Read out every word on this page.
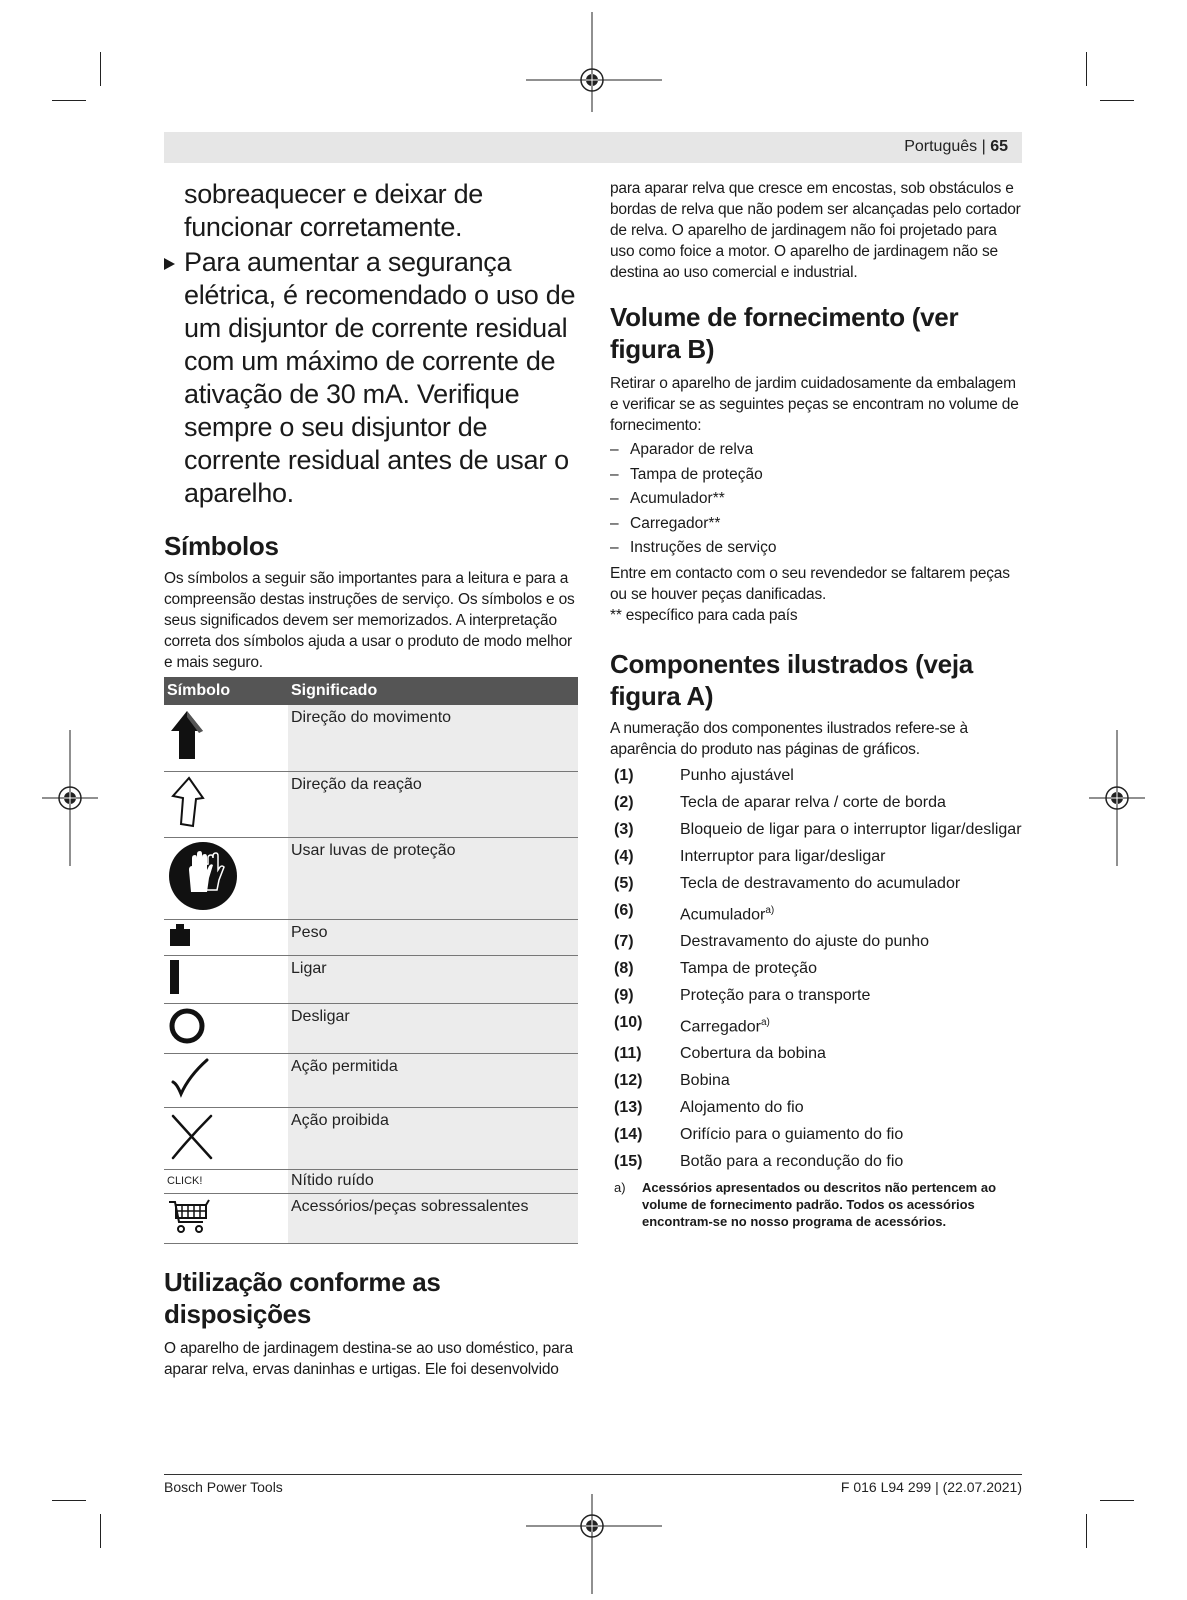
Português | 65

sobreaquecer e deixar de funcionar corretamente.

Para aumentar a segurança elétrica, é recomendado o uso de um disjuntor de corrente residual com um máximo de corrente de ativação de 30 mA. Verifique sempre o seu disjuntor de corrente residual antes de usar o aparelho.
Símbolos

Os símbolos a seguir são importantes para a leitura e para a compreensão destas instruções de serviço. Os símbolos e os seus significados devem ser memorizados. A interpretação correta dos símbolos ajuda a usar o produto de modo melhor e mais seguro.

Símbolo	Significado
	Direção do movimento
	Direção da reação
	Usar luvas de proteção
	Peso
	Ligar
	Desligar
	Ação permitida
	Ação proibida
CLICK!	Nítido ruído
	Acessórios/peças sobressalentes
Utilização conforme as disposições

O aparelho de jardinagem destina-se ao uso doméstico, para aparar relva, ervas daninhas e urtigas. Ele foi desenvolvido

para aparar relva que cresce em encostas, sob obstáculos e bordas de relva que não podem ser alcançadas pelo cortador de relva. O aparelho de jardinagem não foi projetado para uso como foice a motor. O aparelho de jardinagem não se destina ao uso comercial e industrial.

Volume de fornecimento (ver figura B)

Retirar o aparelho de jardim cuidadosamente da embalagem e verificar se as seguintes peças se encontram no volume de fornecimento:

– Aparador de relva
– Tampa de proteção
– Acumulador**
– Carregador**
– Instruções de serviço

Entre em contacto com o seu revendedor se faltarem peças ou se houver peças danificadas.

** específico para cada país

Componentes ilustrados (veja figura A)

A numeração dos componentes ilustrados refere-se à aparência do produto nas páginas de gráficos.

(1)	Punho ajustável
(2)	Tecla de aparar relva / corte de borda
(3)	Bloqueio de ligar para o interruptor ligar/desligar
(4)	Interruptor para ligar/desligar
(5)	Tecla de destravamento do acumulador
(6)	Acumulador$^{a)}$
(7)	Destravamento do ajuste do punho
(8)	Tampa de proteção
(9)	Proteção para o transporte
(10)	Carregador$^{a)}$
(11)	Cobertura da bobina
(12)	Bobina
(13)	Alojamento do fio
(14)	Orifício para o guiamento do fio
(15)	Botão para a recondução do fio
a)	Acessórios apresentados ou descritos não pertencem ao volume de fornecimento padrão. Todos os acessórios encontram-se no nosso programa de acessórios.
Bosch Power Tools	F 016 L94 299 | (22.07.2021)
